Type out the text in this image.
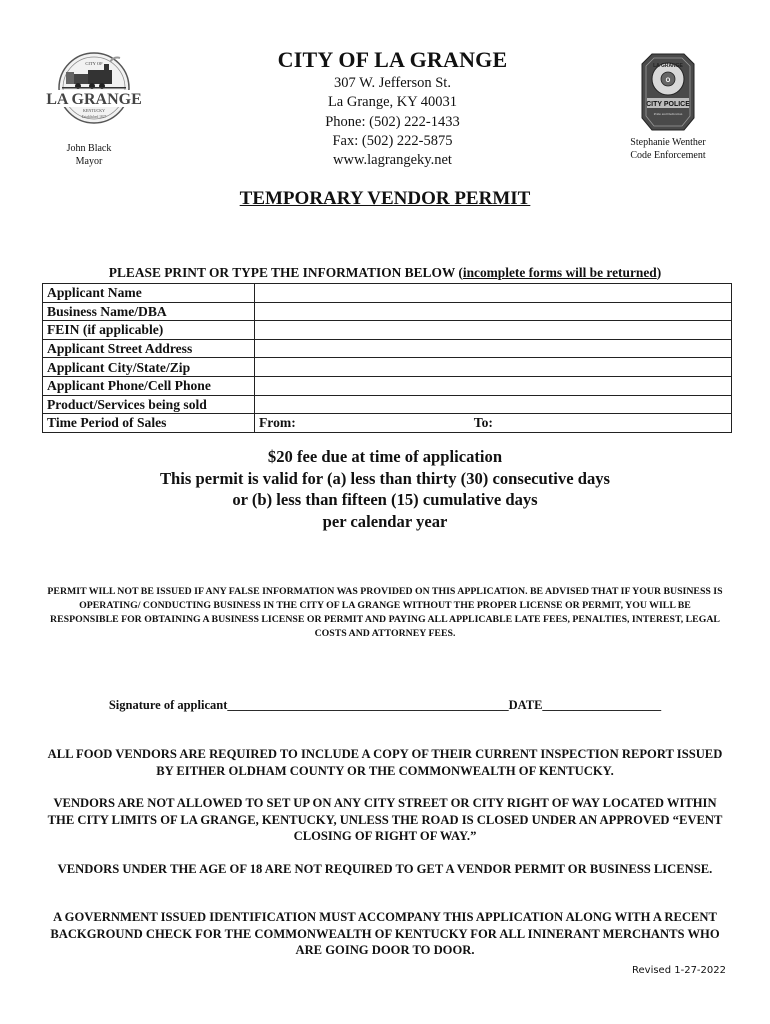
CITY OF
LA GRANGE
KENTUCKY
Established 1827
John Black
Mayor
CITY OF LA GRANGE
307 W. Jefferson St.
La Grange, KY 40031
Phone: (502) 222-1433
Fax: (502) 222-5875
www.lagrangeky.net
O
LA GRANGE
CITY POLICE
Pride and Dedication
Stephanie Wenther
Code Enforcement
TEMPORARY VENDOR PERMIT
PLEASE PRINT OR TYPE THE INFORMATION BELOW (incomplete forms will be returned)
Applicant Name	
Business Name/DBA	
FEIN (if applicable)	
Applicant Street Address	
Applicant City/State/Zip	
Applicant Phone/Cell Phone	
Product/Services being sold	
Time Period of Sales	From: To:
$20 fee due at time of application
This permit is valid for (a) less than thirty (30) consecutive days
or (b) less than fifteen (15) cumulative days
per calendar year
PERMIT WILL NOT BE ISSUED IF ANY FALSE INFORMATION WAS PROVIDED ON THIS APPLICATION. BE ADVISED THAT IF YOUR BUSINESS IS OPERATING/ CONDUCTING BUSINESS IN THE CITY OF LA GRANGE WITHOUT THE PROPER LICENSE OR PERMIT, YOU WILL BE RESPONSIBLE FOR OBTAINING A BUSINESS LICENSE OR PERMIT AND PAYING ALL APPLICABLE LATE FEES, PENALTIES, INTEREST, LEGAL COSTS AND ATTORNEY FEES.
Signature of applicant_____________________________________________DATE___________________
ALL FOOD VENDORS ARE REQUIRED TO INCLUDE A COPY OF THEIR CURRENT INSPECTION REPORT ISSUED BY EITHER OLDHAM COUNTY OR THE COMMONWEALTH OF KENTUCKY.
VENDORS ARE NOT ALLOWED TO SET UP ON ANY CITY STREET OR CITY RIGHT OF WAY LOCATED WITHIN THE CITY LIMITS OF LA GRANGE, KENTUCKY, UNLESS THE ROAD IS CLOSED UNDER AN APPROVED “EVENT CLOSING OF RIGHT OF WAY.”
VENDORS UNDER THE AGE OF 18 ARE NOT REQUIRED TO GET A VENDOR PERMIT OR BUSINESS LICENSE.
A GOVERNMENT ISSUED IDENTIFICATION MUST ACCOMPANY THIS APPLICATION ALONG WITH A RECENT BACKGROUND CHECK FOR THE COMMONWEALTH OF KENTUCKY FOR ALL ININERANT MERCHANTS WHO ARE GOING DOOR TO DOOR.
Revised 1-27-2022
